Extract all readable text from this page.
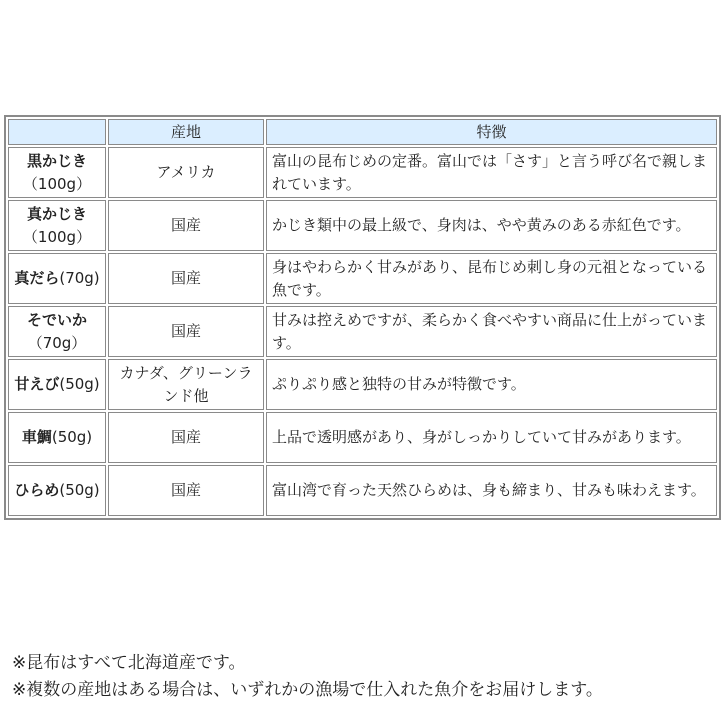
	産地	特徴
黒かじき
（100g）	アメリカ	富山の昆布じめの定番。富山では「さす」と言う呼び名で親しまれています。
真かじき
（100g）	国産	かじき類中の最上級で、身肉は、やや黄みのある赤紅色です。
真だら(70g)	国産	身はやわらかく甘みがあり、昆布じめ刺し身の元祖となっている魚です。
そでいか
（70g）	国産	甘みは控えめですが、柔らかく食べやすい商品に仕上がっています。
甘えび(50g)	カナダ、グリーンランド他	ぷりぷり感と独特の甘みが特徴です。
車鯛(50g)	国産	上品で透明感があり、身がしっかりしていて甘みがあります。
ひらめ(50g)	国産	富山湾で育った天然ひらめは、身も締まり、甘みも味わえます。
※昆布はすべて北海道産です。
※複数の産地はある場合は、いずれかの漁場で仕入れた魚介をお届けします。
